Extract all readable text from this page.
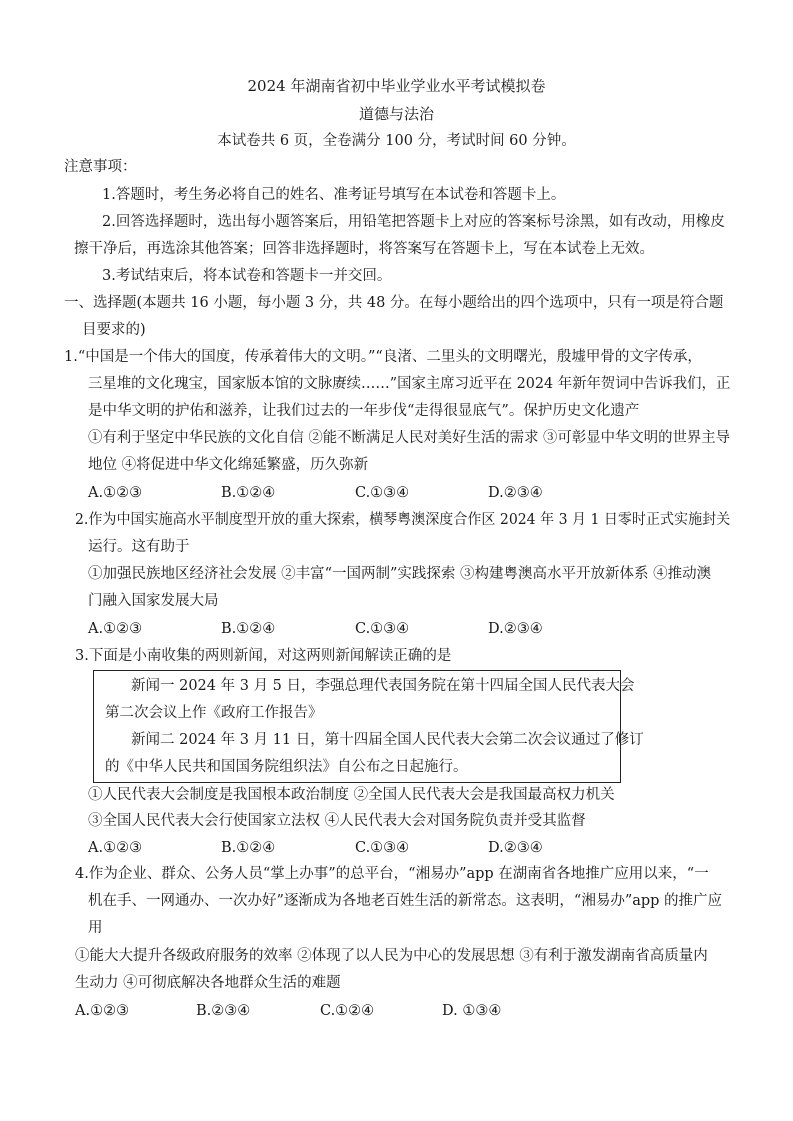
2024 年湖南省初中毕业学业水平考试模拟卷
道德与法治
本试卷共 6 页，全卷满分 100 分，考试时间 60 分钟。
注意事项：
1.答题时，考生务必将自己的姓名、准考证号填写在本试卷和答题卡上。
2.回答选择题时，选出每小题答案后，用铅笔把答题卡上对应的答案标号涂黑，如有改动，用橡皮
擦干净后，再选涂其他答案；回答非选择题时，将答案写在答题卡上，写在本试卷上无效。
3.考试结束后，将本试卷和答题卡一并交回。
一、选择题(本题共 16 小题，每小题 3 分，共 48 分。在每小题给出的四个选项中，只有一项是符合题
目要求的)
1.“中国是一个伟大的国度，传承着伟大的文明。”“良渚、二里头的文明曙光，殷墟甲骨的文字传承，
三星堆的文化瑰宝，国家版本馆的文脉赓续……”国家主席习近平在 2024 年新年贺词中告诉我们，正
是中华文明的护佑和滋养，让我们过去的一年步伐“走得很显底气”。保护历史文化遗产
①有利于坚定中华民族的文化自信 ②能不断满足人民对美好生活的需求 ③可彰显中华文明的世界主导
地位 ④将促进中华文化绵延繁盛，历久弥新
A.①②③	B.①②④	C.①③④	D.②③④
2.作为中国实施高水平制度型开放的重大探索，横琴粤澳深度合作区 2024 年 3 月 1 日零时正式实施封关
运行。这有助于
①加强民族地区经济社会发展 ②丰富“一国两制”实践探索 ③构建粤澳高水平开放新体系 ④推动澳
门融入国家发展大局
A.①②③	B.①②④	C.①③④	D.②③④
3.下面是小南收集的两则新闻，对这两则新闻解读正确的是
新闻一 2024 年 3 月 5 日，李强总理代表国务院在第十四届全国人民代表大会
第二次会议上作《政府工作报告》
新闻二 2024 年 3 月 11 日，第十四届全国人民代表大会第二次会议通过了修订
的《中华人民共和国国务院组织法》自公布之日起施行。
①人民代表大会制度是我国根本政治制度 ②全国人民代表大会是我国最高权力机关
③全国人民代表大会行使国家立法权 ④人民代表大会对国务院负责并受其监督
A.①②③	B.①②④	C.①③④	D.②③④
4.作为企业、群众、公务人员“掌上办事”的总平台，“湘易办”app 在湖南省各地推广应用以来，“一
机在手、一网通办、一次办好”逐渐成为各地老百姓生活的新常态。这表明，“湘易办”app 的推广应
用
①能大大提升各级政府服务的效率 ②体现了以人民为中心的发展思想 ③有利于激发湖南省高质量内
生动力 ④可彻底解决各地群众生活的难题
A.①②③	B.②③④	C.①②④	D. ①③④
